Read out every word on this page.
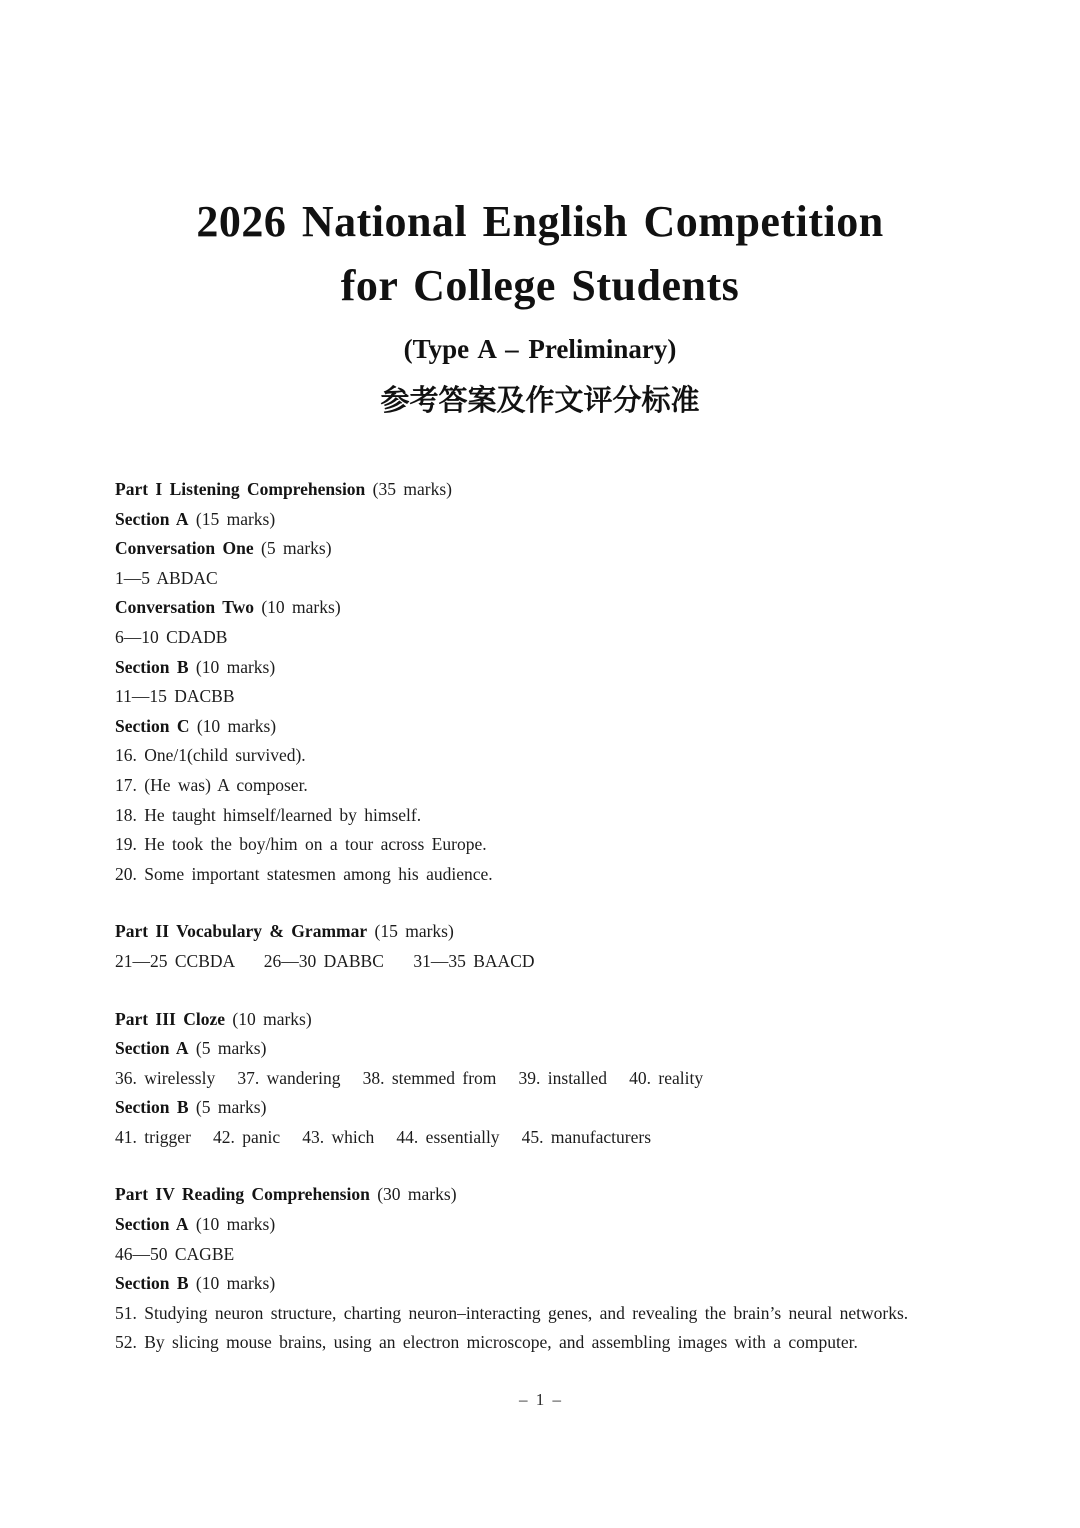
2026 National English Competition
for College Students
(Type A – Preliminary)
参考答案及作文评分标准

Part I Listening Comprehension (35 marks)

Section A (15 marks)

Conversation One (5 marks)

1—5 ABDAC

Conversation Two (10 marks)

6—10 CDADB

Section B (10 marks)

11—15 DACBB

Section C (10 marks)

16. One/1(child survived).

17. (He was) A composer.

18. He taught himself/learned by himself.

19. He took the boy/him on a tour across Europe.

20. Some important statesmen among his audience.

Part II Vocabulary & Grammar (15 marks)

21—25 CCBDA    26—30 DABBC    31—35 BAACD

Part III Cloze (10 marks)

Section A (5 marks)

36. wirelessly   37. wandering   38. stemmed from   39. installed   40. reality

Section B (5 marks)

41. trigger   42. panic   43. which   44. essentially   45. manufacturers

Part IV Reading Comprehension (30 marks)

Section A (10 marks)

46—50 CAGBE

Section B (10 marks)

51. Studying neuron structure, charting neuron–interacting genes, and revealing the brain’s neural networks.

52. By slicing mouse brains, using an electron microscope, and assembling images with a computer.

– 1 –
